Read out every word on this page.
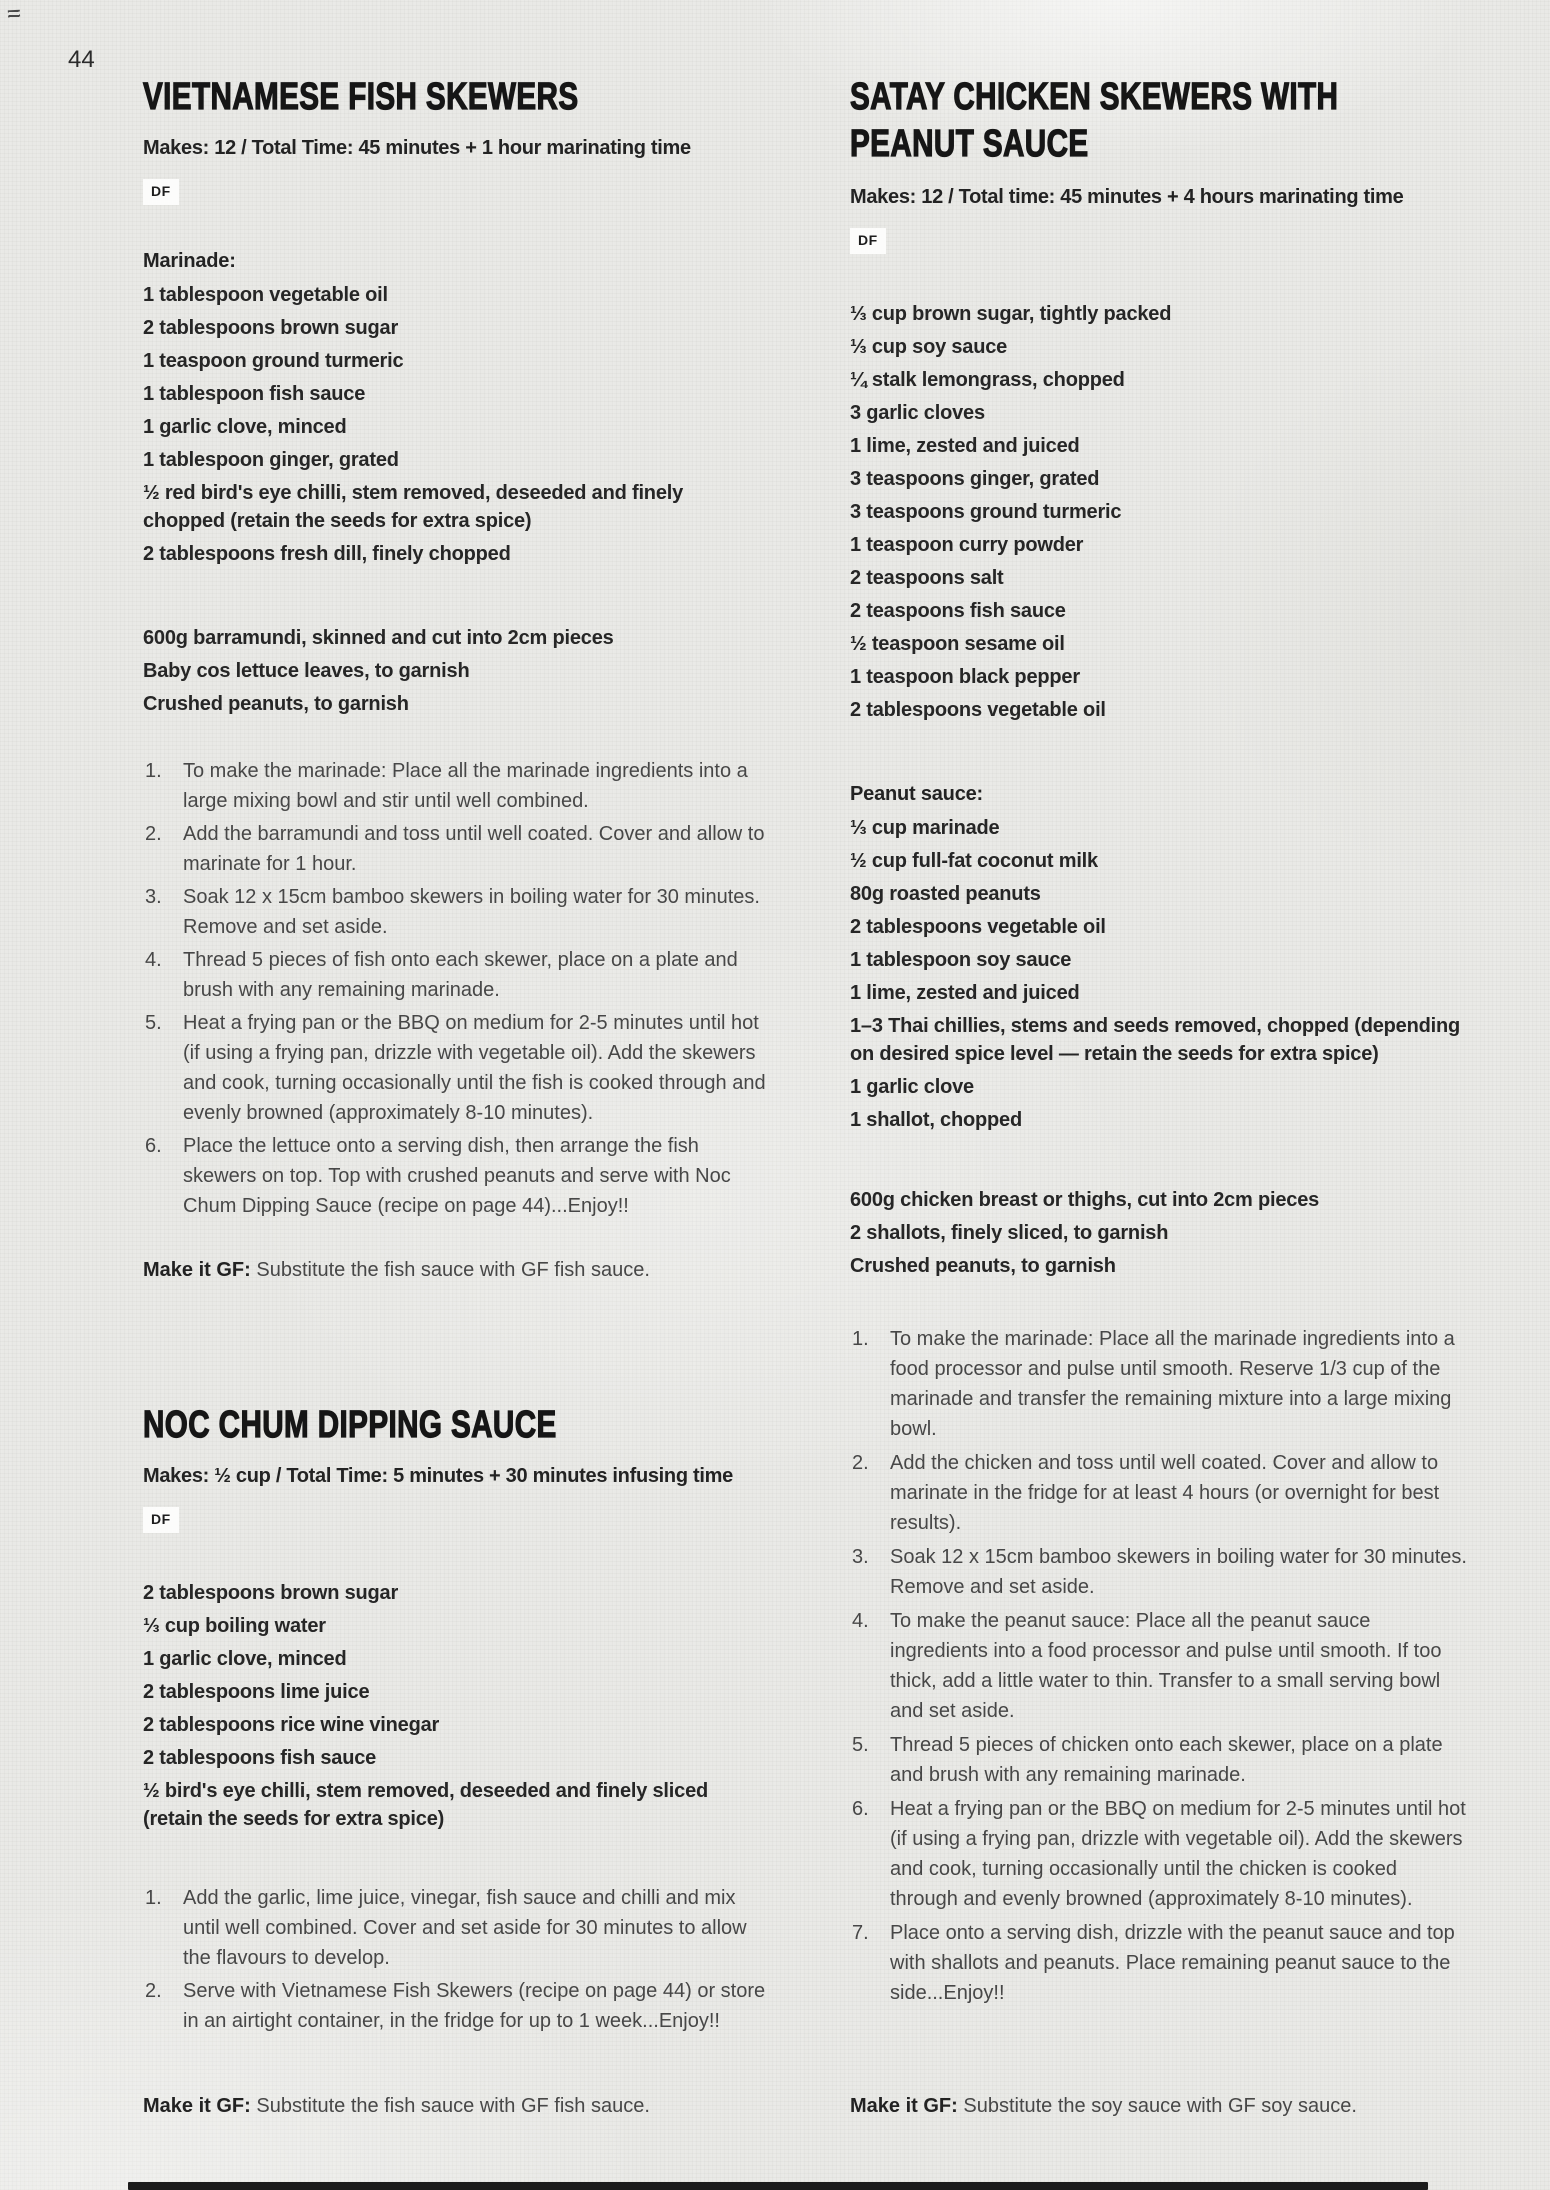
44
VIETNAMESE FISH SKEWERS

Makes: 12 / Total Time: 45 minutes + 1 hour marinating time

DF

Marinade:

1 tablespoon vegetable oil
2 tablespoons brown sugar
1 teaspoon ground turmeric
1 tablespoon fish sauce
1 garlic clove, minced
1 tablespoon ginger, grated
½ red bird's eye chilli, stem removed, deseeded and finely chopped (retain the seeds for extra spice)
2 tablespoons fresh dill, finely chopped
600g barramundi, skinned and cut into 2cm pieces
Baby cos lettuce leaves, to garnish
Crushed peanuts, to garnish
To make the marinade: Place all the marinade ingredients into a large mixing bowl and stir until well combined.
Add the barramundi and toss until well coated. Cover and allow to marinate for 1 hour.
Soak 12 x 15cm bamboo skewers in boiling water for 30 minutes. Remove and set aside.
Thread 5 pieces of fish onto each skewer, place on a plate and brush with any remaining marinade.
Heat a frying pan or the BBQ on medium for 2-5 minutes until hot (if using a frying pan, drizzle with vegetable oil). Add the skewers and cook, turning occasionally until the fish is cooked through and evenly browned (approximately 8-10 minutes).
Place the lettuce onto a serving dish, then arrange the fish skewers on top. Top with crushed peanuts and serve with Noc Chum Dipping Sauce (recipe on page 44)...Enjoy!!

Make it GF: Substitute the fish sauce with GF fish sauce.

NOC CHUM DIPPING SAUCE

Makes: ½ cup / Total Time: 5 minutes + 30 minutes infusing time

DF
2 tablespoons brown sugar
⅓ cup boiling water
1 garlic clove, minced
2 tablespoons lime juice
2 tablespoons rice wine vinegar
2 tablespoons fish sauce
½ bird's eye chilli, stem removed, deseeded and finely sliced (retain the seeds for extra spice)
Add the garlic, lime juice, vinegar, fish sauce and chilli and mix until well combined. Cover and set aside for 30 minutes to allow the flavours to develop.
Serve with Vietnamese Fish Skewers (recipe on page 44) or store in an airtight container, in the fridge for up to 1 week...Enjoy!!

Make it GF: Substitute the fish sauce with GF fish sauce.

SATAY CHICKEN SKEWERS WITH
PEANUT SAUCE

Makes: 12 / Total time: 45 minutes + 4 hours marinating time

DF
⅓ cup brown sugar, tightly packed
⅓ cup soy sauce
¼ stalk lemongrass, chopped
3 garlic cloves
1 lime, zested and juiced
3 teaspoons ginger, grated
3 teaspoons ground turmeric
1 teaspoon curry powder
2 teaspoons salt
2 teaspoons fish sauce
½ teaspoon sesame oil
1 teaspoon black pepper
2 tablespoons vegetable oil

Peanut sauce:

⅓ cup marinade
½ cup full-fat coconut milk
80g roasted peanuts
2 tablespoons vegetable oil
1 tablespoon soy sauce
1 lime, zested and juiced
1–3 Thai chillies, stems and seeds removed, chopped (depending on desired spice level — retain the seeds for extra spice)
1 garlic clove
1 shallot, chopped
600g chicken breast or thighs, cut into 2cm pieces
2 shallots, finely sliced, to garnish
Crushed peanuts, to garnish
To make the marinade: Place all the marinade ingredients into a food processor and pulse until smooth. Reserve 1/3 cup of the marinade and transfer the remaining mixture into a large mixing bowl.
Add the chicken and toss until well coated. Cover and allow to marinate in the fridge for at least 4 hours (or overnight for best results).
Soak 12 x 15cm bamboo skewers in boiling water for 30 minutes. Remove and set aside.
To make the peanut sauce: Place all the peanut sauce ingredients into a food processor and pulse until smooth. If too thick, add a little water to thin. Transfer to a small serving bowl and set aside.
Thread 5 pieces of chicken onto each skewer, place on a plate and brush with any remaining marinade.
Heat a frying pan or the BBQ on medium for 2-5 minutes until hot (if using a frying pan, drizzle with vegetable oil). Add the skewers and cook, turning occasionally until the chicken is cooked through and evenly browned (approximately 8-10 minutes).
Place onto a serving dish, drizzle with the peanut sauce and top with shallots and peanuts. Place remaining peanut sauce to the side...Enjoy!!

Make it GF: Substitute the soy sauce with GF soy sauce.
